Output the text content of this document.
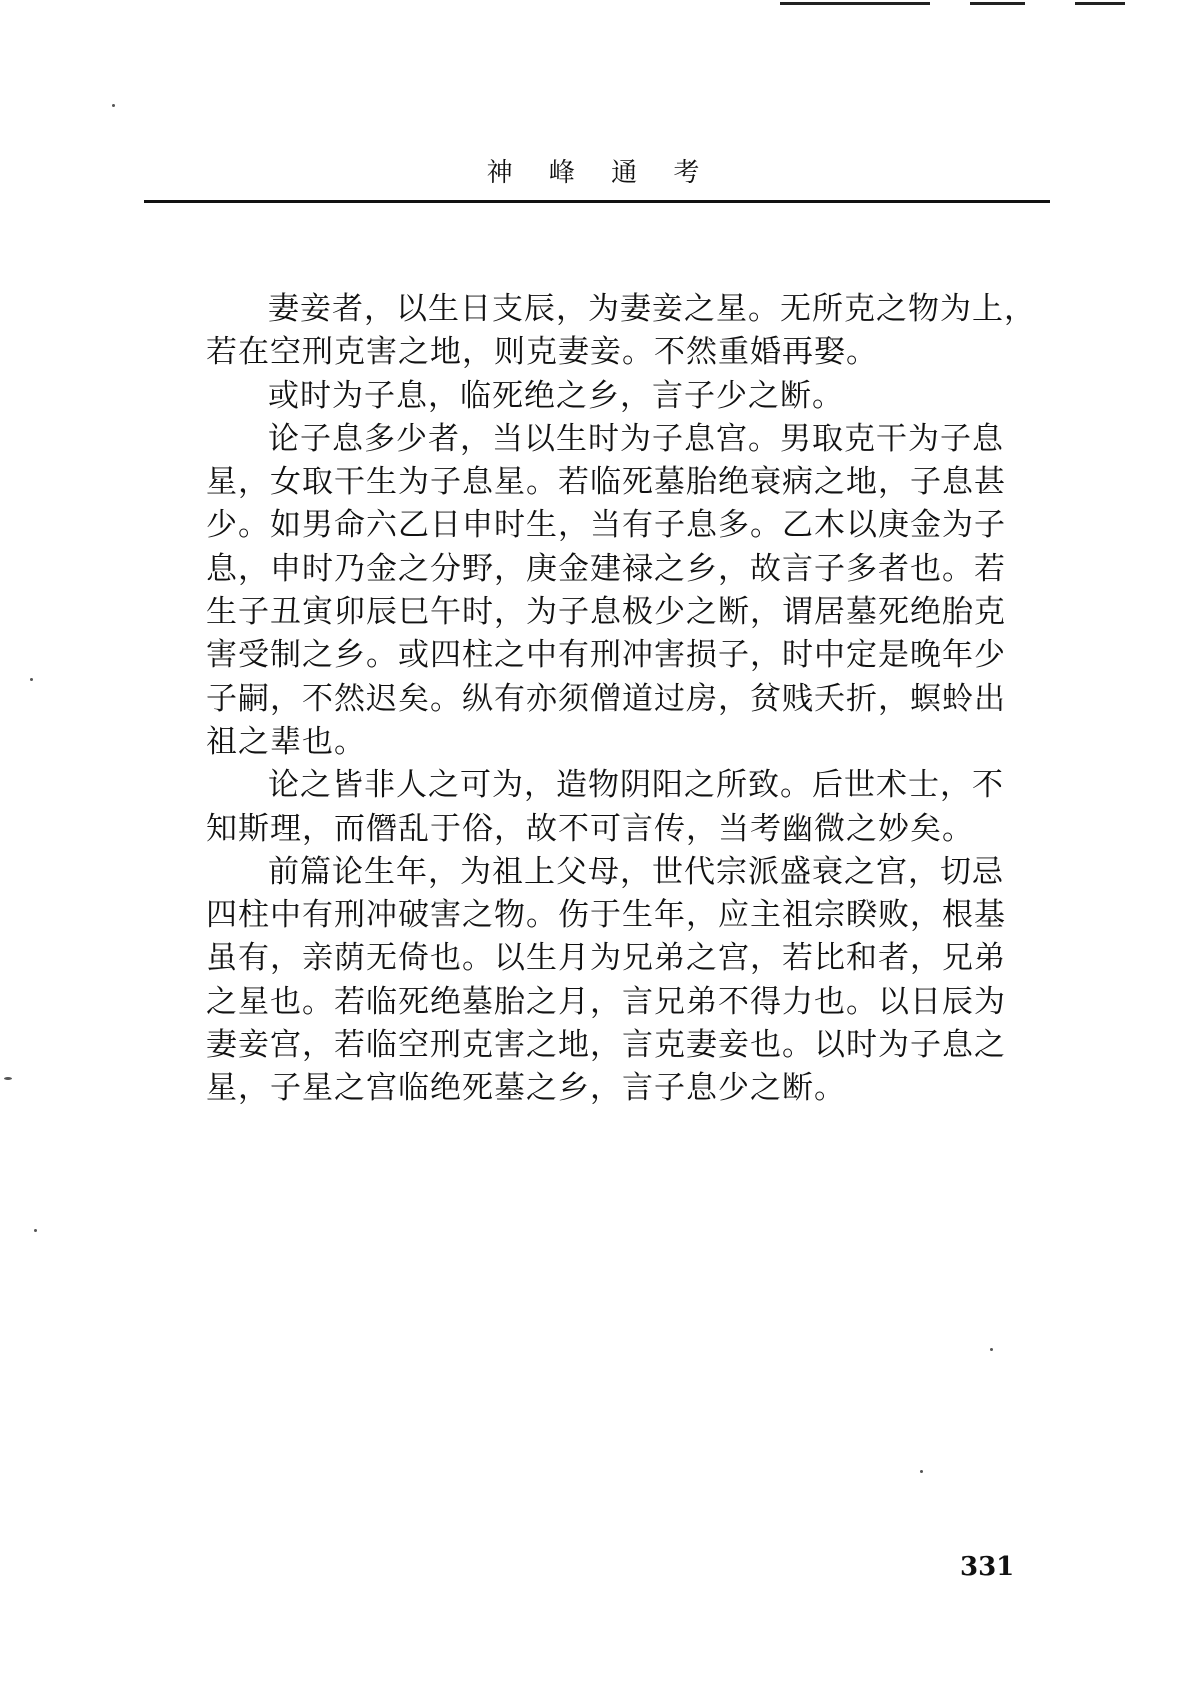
神 峰 通 考
妻妾者，以生日支辰，为妻妾之星。无所克之物为上，
若在空刑克害之地，则克妻妾。不然重婚再娶。
或时为子息，临死绝之乡，言子少之断。
论子息多少者，当以生时为子息宫。男取克干为子息
星，女取干生为子息星。若临死墓胎绝衰病之地，子息甚
少。如男命六乙日申时生，当有子息多。乙木以庚金为子
息，申时乃金之分野，庚金建禄之乡，故言子多者也。若
生子丑寅卯辰巳午时，为子息极少之断，谓居墓死绝胎克
害受制之乡。或四柱之中有刑冲害损子，时中定是晚年少
子嗣，不然迟矣。纵有亦须僧道过房，贫贱夭折，螟蛉出
祖之辈也。
论之皆非人之可为，造物阴阳之所致。后世术士，不
知斯理，而僭乱于俗，故不可言传，当考幽微之妙矣。
前篇论生年，为祖上父母，世代宗派盛衰之宫，切忌
四柱中有刑冲破害之物。伤于生年，应主祖宗睽败，根基
虽有，亲荫无倚也。以生月为兄弟之宫，若比和者，兄弟
之星也。若临死绝墓胎之月，言兄弟不得力也。以日辰为
妻妾宫，若临空刑克害之地，言克妻妾也。以时为子息之
星，子星之宫临绝死墓之乡，言子息少之断。
331
